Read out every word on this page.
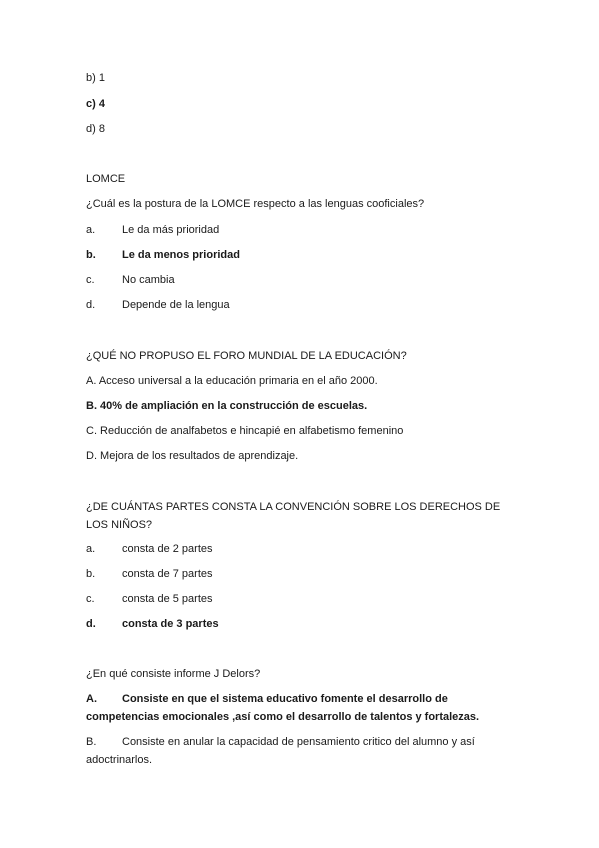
b) 1
c) 4
d) 8
LOMCE
¿Cuál es la postura de la LOMCE respecto a las lenguas cooficiales?
a. Le da más prioridad
b. Le da menos prioridad
c. No cambia
d. Depende de la lengua
¿QUÉ NO PROPUSO EL FORO MUNDIAL DE LA EDUCACIÓN?
A. Acceso universal a la educación primaria en el año 2000.
B. 40% de ampliación en la construcción de escuelas.
C. Reducción de analfabetos e hincapié en alfabetismo femenino
D. Mejora de los resultados de aprendizaje.
¿DE CUÁNTAS PARTES CONSTA LA CONVENCIÓN SOBRE LOS DERECHOS DE LOS NIÑOS?
a. consta de 2 partes
b. consta de 7 partes
c. consta de 5 partes
d. consta de 3 partes
¿En qué consiste informe J Delors?
A. Consiste en que el sistema educativo fomente el desarrollo de competencias emocionales ,así como el desarrollo de talentos y fortalezas.
B. Consiste en anular la capacidad de pensamiento critico del alumno y así adoctrinarlos.
